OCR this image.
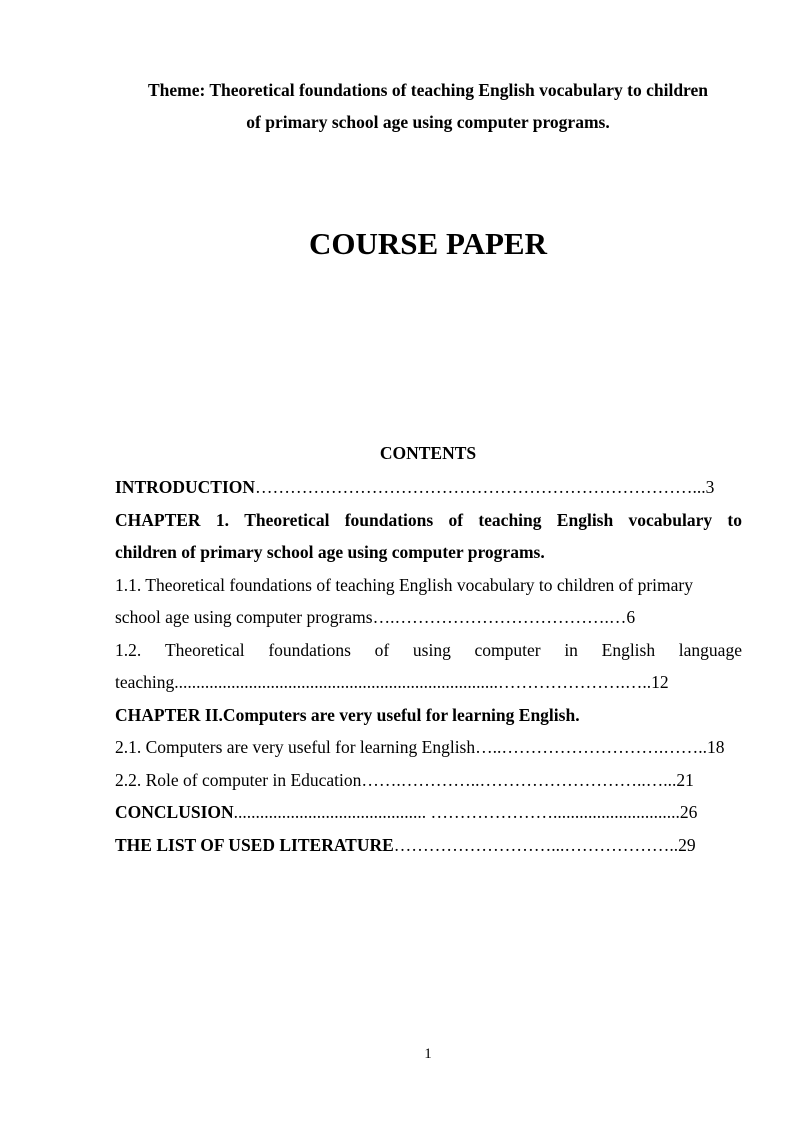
Theme: Theoretical foundations of teaching English vocabulary to children
of primary school age using computer programs.
COURSE PAPER
CONTENTS
INTRODUCTION…………………………………………………………………...3
CHAPTER 1. Theoretical foundations of teaching English vocabulary to
children of primary school age using computer programs.
1.1. Theoretical foundations of teaching English vocabulary to children of primary
school age using computer programs….……………………………….…6
1.2. Theoretical foundations of using computer in English language
teaching..........................................................................………………….…..12
CHAPTER II.Computers are very useful for learning English.
2.1. Computers are very useful for learning English…..……………………….……..18
2.2. Role of computer in Education…….…………..………………………..…...21
CONCLUSION............................................ ………………….............................26
THE LIST OF USED LITERATURE………………………...………………..29
1
